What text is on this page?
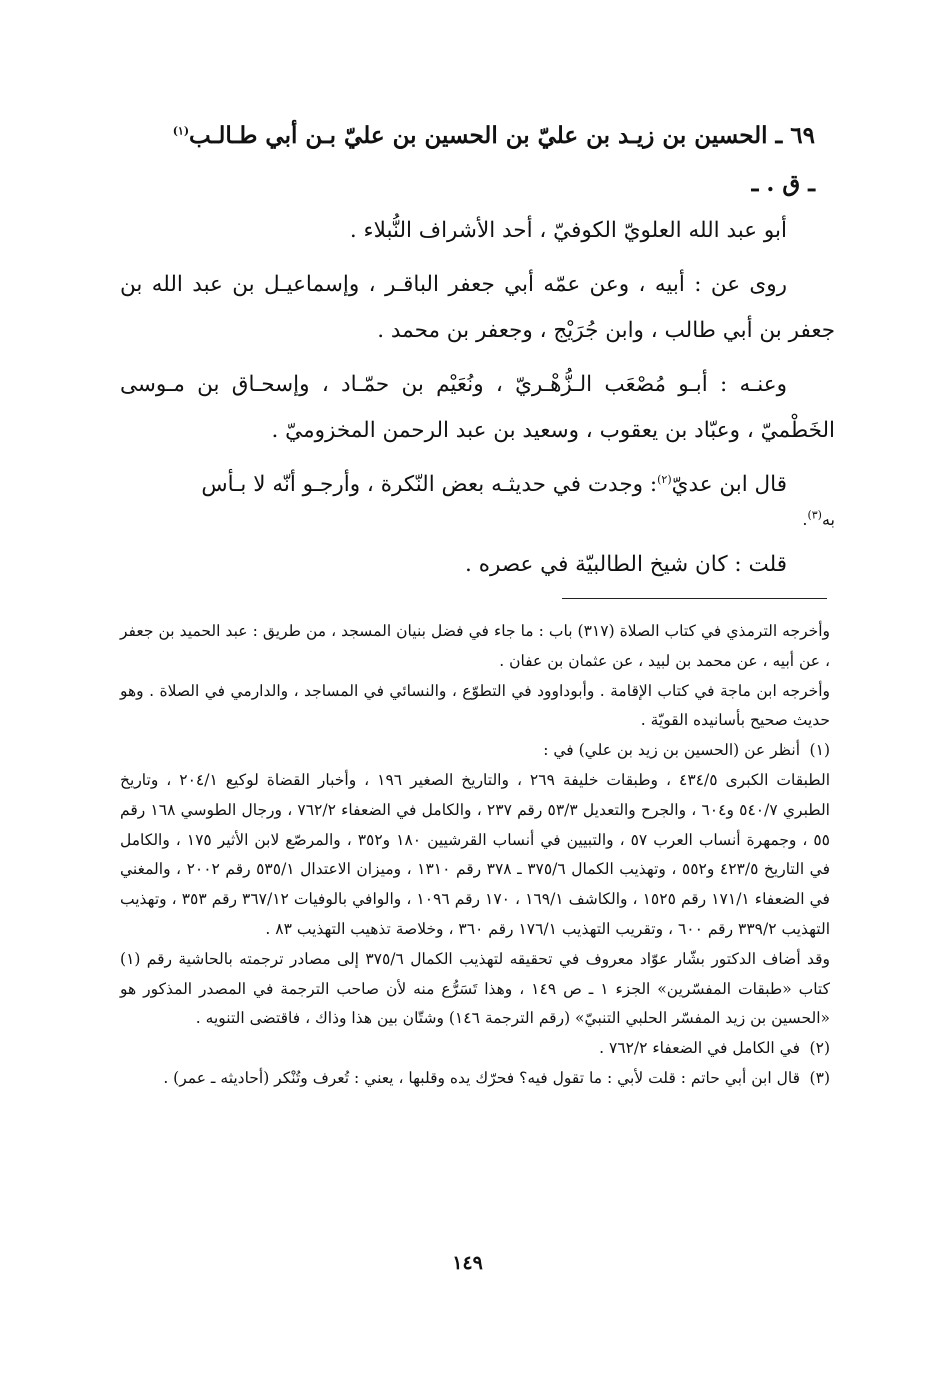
٦٩ ـ الحسين بن زيـد بن عليّ بن الحسين بن عليّ بـن أبي طـالـب$^{(١)}$
ـ ق . ـ

أبو عبد الله العلويّ الكوفيّ ، أحد الأشراف النُّبلاء .

روى عن : أبيه ، وعن عمّه أبي جعفر الباقـر ، وإسماعيـل بن عبد الله بن جعفر بن أبي طالب ، وابن جُرَيْج ، وجعفر بن محمد .

وعنـه : أبـو مُصْعَب الـزُّهْـريّ ، ونُعَيْم بن حمّـاد ، وإسحـاق بن مـوسى الخَطْميّ ، وعبّاد بن يعقوب ، وسعيد بن عبد الرحمن المخزوميّ .

قال ابن عديّ$^{(٢)}$: وجدت في حديثـه بعض النّكرة ، وأرجـو أنّه لا بـأس

به$^{(٣)}$.

قلت : كان شيخ الطالبيّة في عصره .

وأخرجه الترمذي في كتاب الصلاة (٣١٧) باب : ما جاء في فضل بنيان المسجد ، من طريق : عبد الحميد بن جعفر ، عن أبيه ، عن محمد بن لبيد ، عن عثمان بن عفان .

وأخرجه ابن ماجة في كتاب الإقامة . وأبوداوود في التطوّع ، والنسائي في المساجد ، والدارمي في الصلاة . وهو حديث صحيح بأسانيده القويّة .

(١)أنظر عن (الحسين بن زيد بن علي) في :

الطبقات الكبرى ٤٣٤/٥ ، وطبقات خليفة ٢٦٩ ، والتاريخ الصغير ١٩٦ ، وأخبار القضاة لوكيع ٢٠٤/١ ، وتاريخ الطبري ٥٤٠/٧ و٦٠٤ ، والجرح والتعديل ٥٣/٣ رقم ٢٣٧ ، والكامل في الضعفاء ٧٦٢/٢ ، ورجال الطوسي ١٦٨ رقم ٥٥ ، وجمهرة أنساب العرب ٥٧ ، والتبيين في أنساب القرشيين ١٨٠ و٣٥٢ ، والمرصّع لابن الأثير ١٧٥ ، والكامل في التاريخ ٤٢٣/٥ و٥٥٢ ، وتهذيب الكمال ٣٧٥/٦ ـ ٣٧٨ رقم ١٣١٠ ، وميزان الاعتدال ٥٣٥/١ رقم ٢٠٠٢ ، والمغني في الضعفاء ١٧١/١ رقم ١٥٢٥ ، والكاشف ١٦٩/١ ، ١٧٠ رقم ١٠٩٦ ، والوافي بالوفيات ٣٦٧/١٢ رقم ٣٥٣ ، وتهذيب التهذيب ٣٣٩/٢ رقم ٦٠٠ ، وتقريب التهذيب ١٧٦/١ رقم ٣٦٠ ، وخلاصة تذهيب التهذيب ٨٣ .

وقد أضاف الدكتور بشّار عوّاد معروف في تحقيقه لتهذيب الكمال ٣٧٥/٦ إلى مصادر ترجمته بالحاشية رقم (١) كتاب «طبقات المفسّرين» الجزء ١ ـ ص ١٤٩ ، وهذا تَسَرُّع منه لأن صاحب الترجمة في المصدر المذكور هو «الحسين بن زيد المفسّر الحلبي التنبيّ» (رقم الترجمة ١٤٦) وشتّان بين هذا وذاك ، فاقتضى التنويه .

(٢)في الكامل في الضعفاء ٧٦٢/٢ .

(٣)قال ابن أبي حاتم : قلت لأبي : ما تقول فيه؟ فحرّك يده وقلبها ، يعني : تُعرف وتُنْكر (أحاديثه ـ عمر) .

١٤٩
